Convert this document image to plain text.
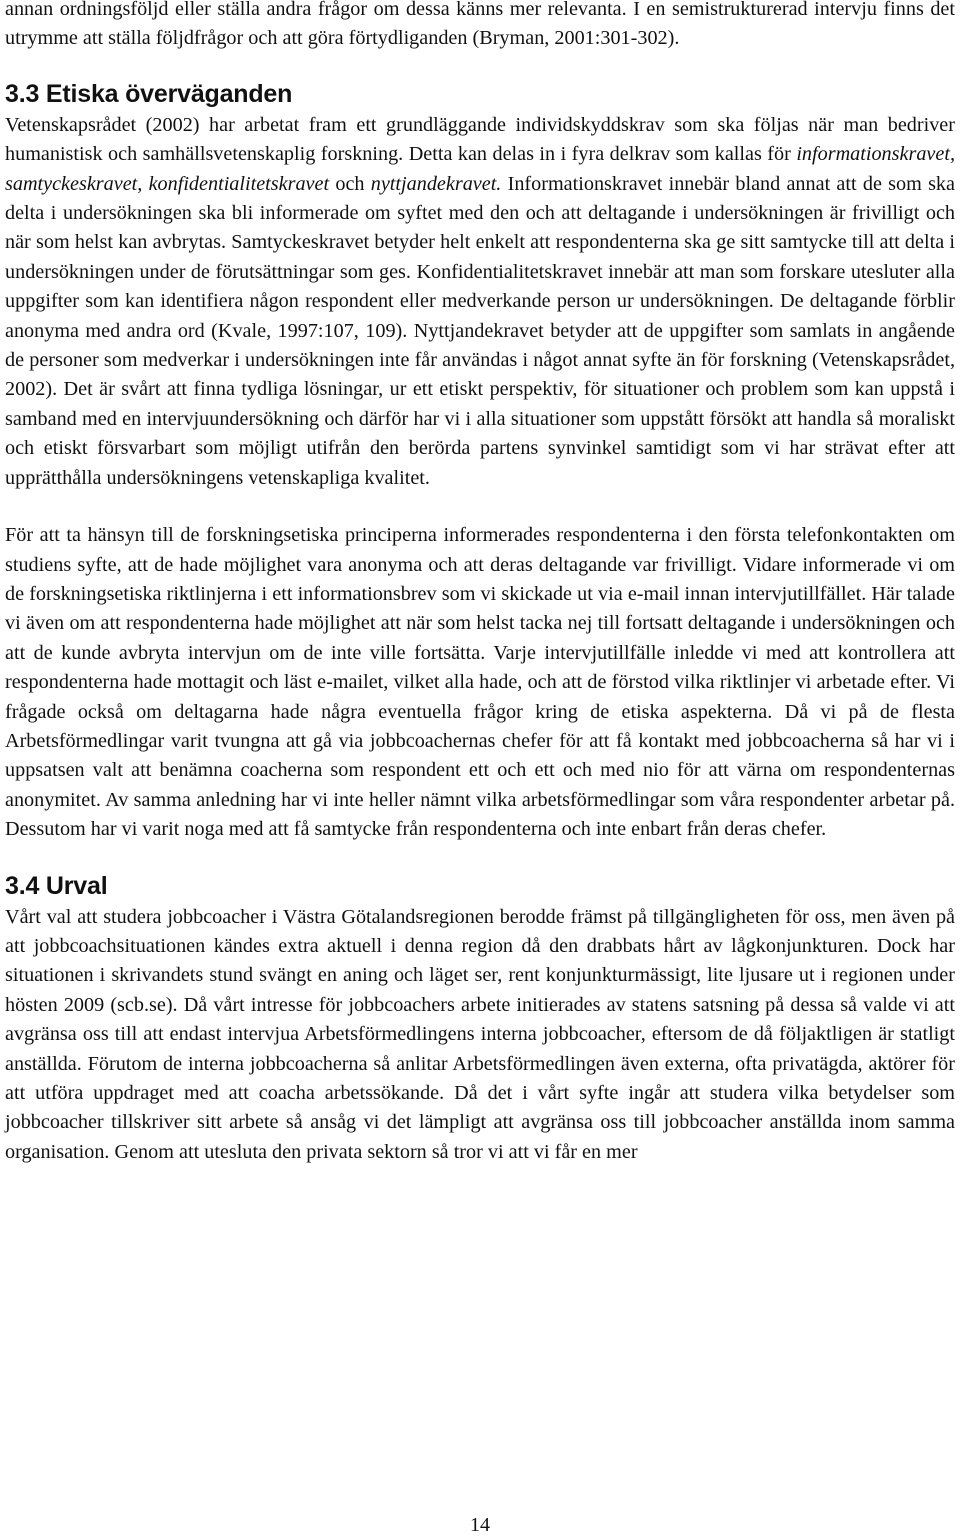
annan ordningsföljd eller ställa andra frågor om dessa känns mer relevanta. I en semistrukturerad intervju finns det utrymme att ställa följdfrågor och att göra förtydliganden (Bryman, 2001:301-302).

3.3 Etiska överväganden

Vetenskapsrådet (2002) har arbetat fram ett grundläggande individskyddskrav som ska följas när man bedriver humanistisk och samhällsvetenskaplig forskning. Detta kan delas in i fyra delkrav som kallas för informationskravet, samtyckeskravet, konfidentialitetskravet och nyttjandekravet. Informationskravet innebär bland annat att de som ska delta i undersökningen ska bli informerade om syftet med den och att deltagande i undersökningen är frivilligt och när som helst kan avbrytas. Samtyckeskravet betyder helt enkelt att respondenterna ska ge sitt samtycke till att delta i undersökningen under de förutsättningar som ges. Konfidentialitetskravet innebär att man som forskare utesluter alla uppgifter som kan identifiera någon respondent eller medverkande person ur undersökningen. De deltagande förblir anonyma med andra ord (Kvale, 1997:107, 109). Nyttjandekravet betyder att de uppgifter som samlats in angående de personer som medverkar i undersökningen inte får användas i något annat syfte än för forskning (Vetenskapsrådet, 2002). Det är svårt att finna tydliga lösningar, ur ett etiskt perspektiv, för situationer och problem som kan uppstå i samband med en intervjuundersökning och därför har vi i alla situationer som uppstått försökt att handla så moraliskt och etiskt försvarbart som möjligt utifrån den berörda partens synvinkel samtidigt som vi har strävat efter att upprätthålla undersökningens vetenskapliga kvalitet.

För att ta hänsyn till de forskningsetiska principerna informerades respondenterna i den första telefonkontakten om studiens syfte, att de hade möjlighet vara anonyma och att deras deltagande var frivilligt. Vidare informerade vi om de forskningsetiska riktlinjerna i ett informationsbrev som vi skickade ut via e-mail innan intervjutillfället. Här talade vi även om att respondenterna hade möjlighet att när som helst tacka nej till fortsatt deltagande i undersökningen och att de kunde avbryta intervjun om de inte ville fortsätta. Varje intervjutillfälle inledde vi med att kontrollera att respondenterna hade mottagit och läst e-mailet, vilket alla hade, och att de förstod vilka riktlinjer vi arbetade efter. Vi frågade också om deltagarna hade några eventuella frågor kring de etiska aspekterna. Då vi på de flesta Arbetsförmedlingar varit tvungna att gå via jobbcoachernas chefer för att få kontakt med jobbcoacherna så har vi i uppsatsen valt att benämna coacherna som respondent ett och ett och med nio för att värna om respondenternas anonymitet. Av samma anledning har vi inte heller nämnt vilka arbetsförmedlingar som våra respondenter arbetar på. Dessutom har vi varit noga med att få samtycke från respondenterna och inte enbart från deras chefer.

3.4 Urval

Vårt val att studera jobbcoacher i Västra Götalandsregionen berodde främst på tillgängligheten för oss, men även på att jobbcoachsituationen kändes extra aktuell i denna region då den drabbats hårt av lågkonjunkturen. Dock har situationen i skrivandets stund svängt en aning och läget ser, rent konjunkturmässigt, lite ljusare ut i regionen under hösten 2009 (scb.se). Då vårt intresse för jobbcoachers arbete initierades av statens satsning på dessa så valde vi att avgränsa oss till att endast intervjua Arbetsförmedlingens interna jobbcoacher, eftersom de då följaktligen är statligt anställda. Förutom de interna jobbcoacherna så anlitar Arbetsförmedlingen även externa, ofta privatägda, aktörer för att utföra uppdraget med att coacha arbetssökande. Då det i vårt syfte ingår att studera vilka betydelser som jobbcoacher tillskriver sitt arbete så ansåg vi det lämpligt att avgränsa oss till jobbcoacher anställda inom samma organisation. Genom att utesluta den privata sektorn så tror vi att vi får en mer

14
